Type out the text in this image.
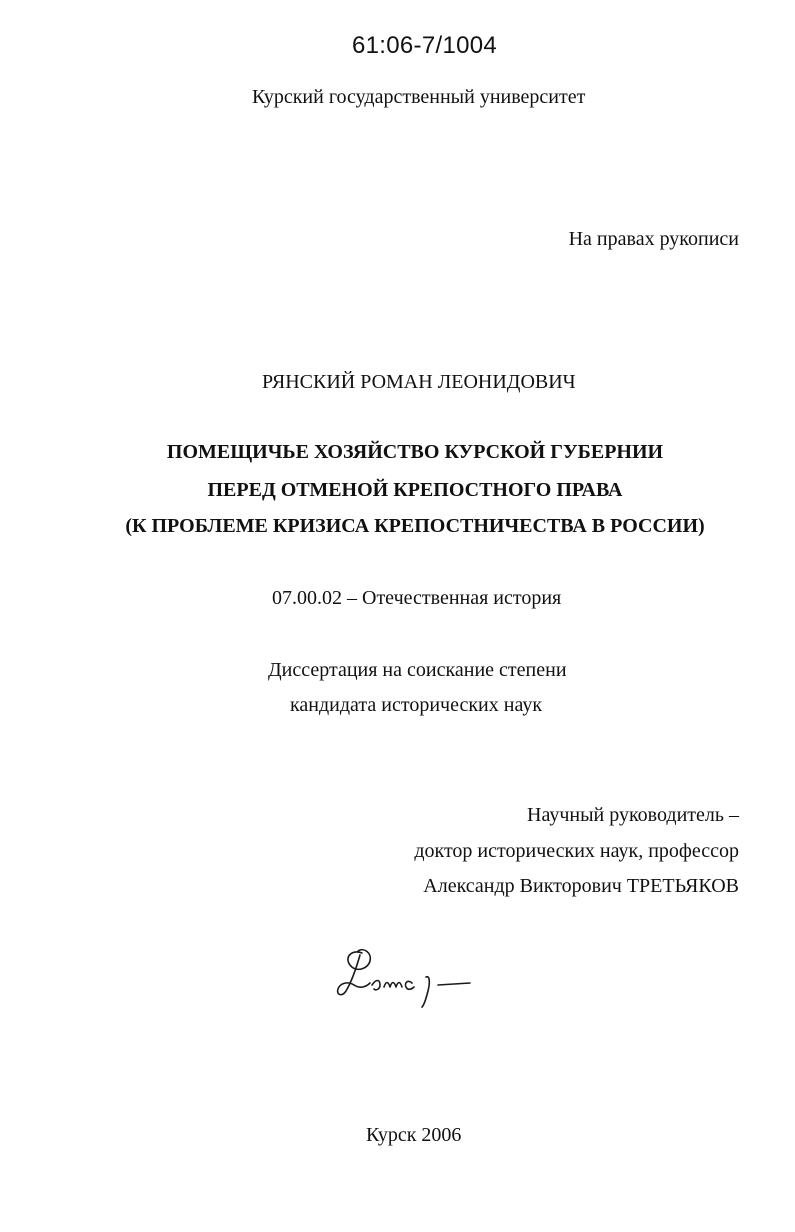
61:06-7/1004
Курский государственный университет
На правах рукописи
РЯНСКИЙ РОМАН ЛЕОНИДОВИЧ
ПОМЕЩИЧЬЕ ХОЗЯЙСТВО КУРСКОЙ ГУБЕРНИИ
ПЕРЕД ОТМЕНОЙ КРЕПОСТНОГО ПРАВА
(К ПРОБЛЕМЕ КРИЗИСА КРЕПОСТНИЧЕСТВА В РОССИИ)
07.00.02 – Отечественная история
Диссертация на соискание степени
кандидата исторических наук
Научный руководитель –
доктор исторических наук, профессор
Александр Викторович ТРЕТЬЯКОВ
Курск 2006
